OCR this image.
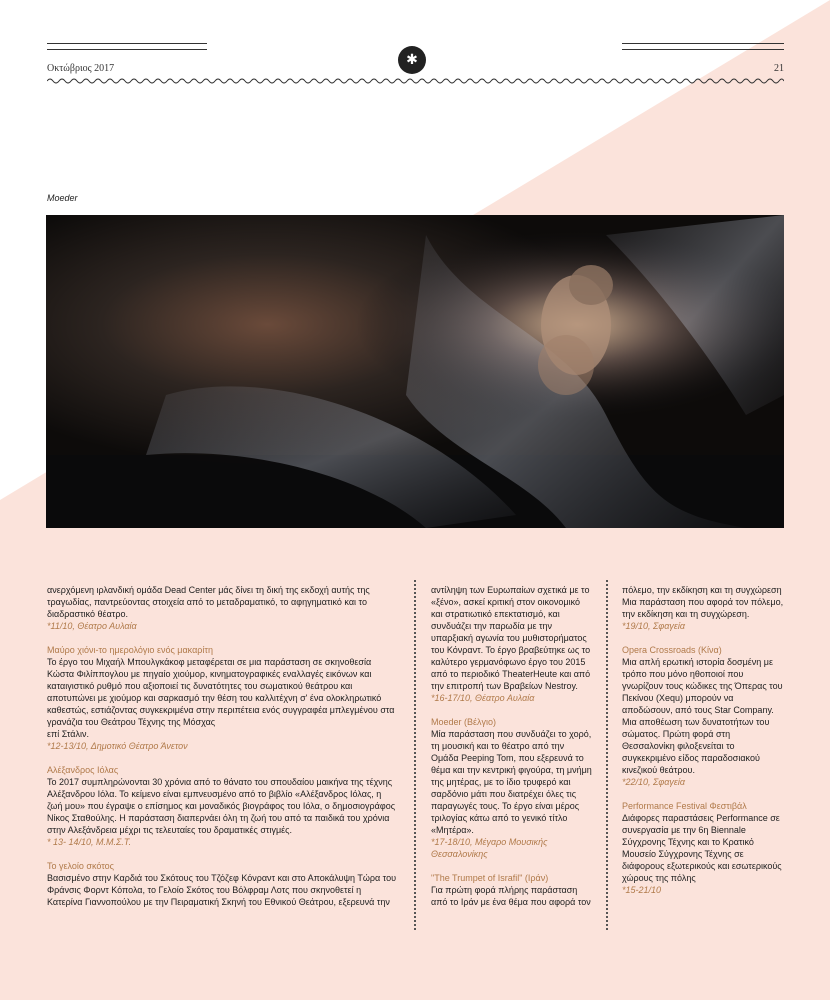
✱
Οκτώβριος 2017	21
Moeder

ανερχόμενη ιρλανδική ομάδα Dead Center μάς δίνει τη δική της εκδοχή αυτής της τραγωδίας, παντρεύοντας στοιχεία από το μεταδραματικό, το αφηγηματικό και το διαδραστικό θέατρο.

*11/10, Θέατρο Αυλαία

Μαύρο χιόνι-το ημερολόγιο ενός μακαρίτη

Το έργο του Μιχαήλ Μπουλγκάκοφ μεταφέρεται σε μια παράσταση σε σκηνοθεσία Κώστα Φιλίππογλου με πηγαίο χιούμορ, κινηματογραφικές εναλλαγές εικόνων και καταιγιστικό ρυθμό που αξιοποιεί τις δυνατότητες του σωματικού θεάτρου και αποτυπώνει με χιούμορ και σαρκασμό την θέση του καλλιτέχνη σ' ένα ολοκληρωτικό καθεστώς, εστιάζοντας συγκεκριμένα στην περιπέτεια ενός συγγραφέα μπλεγμένου στα γρανάζια του Θεάτρου Τέχνης της Μόσχας

επί Στάλιν.

*12-13/10, Δημοτικό Θέατρο Άνετον

Αλέξανδρος Ιόλας

Το 2017 συμπληρώνονται 30 χρόνια από το θάνατο του σπουδαίου μαικήνα της τέχνης Αλέξανδρου Ιόλα. Το κείμενο είναι εμπνευσμένο από το βιβλίο «Αλέξανδρος Ιόλας, η ζωή μου» που έγραψε ο επίσημος και μοναδικός βιογράφος του Ιόλα, ο δημοσιογράφος Νίκος Σταθούλης. Η παράσταση διαπερνάει όλη τη ζωή του από τα παιδικά του χρόνια στην Αλεξάνδρεια μέχρι τις τελευταίες του δραματικές στιγμές.

* 13- 14/10, Μ.Μ.Σ.Τ.

Το γελοίο σκότος

Βασισμένο στην Καρδιά του Σκότους του Τζόζεφ Κόνραντ και στο Αποκάλυψη Τώρα του Φράνσις Φορντ Κόπολα, το Γελοίο Σκότος του Βόλφραμ Λοτς που σκηνοθετεί η Κατερίνα Γιαννοπούλου με την Πειραματική Σκηνή του Εθνικού Θεάτρου, εξερευνά την

αντίληψη των Ευρωπαίων σχετικά με το «ξένο», ασκεί κριτική στον οικονομικό και στρατιωτικό επεκτατισμό, και συνδυάζει την παρωδία με την υπαρξιακή αγωνία του μυθιστορήματος του Κόνραντ. Το έργο βραβεύτηκε ως το καλύτερο γερμανόφωνο έργο του 2015 από το περιοδικό TheaterHeute και από την επιτροπή των Βραβείων Nestroy.

*16-17/10, Θέατρο Αυλαία

Moeder (Βέλγιο)

Μία παράσταση που συνδυάζει το χορό, τη μουσική και το θέατρο από την Ομάδα Peeping Tom, που εξερευνά το θέμα και την κεντρική φιγούρα, τη μνήμη της μητέρας, με το ίδιο τρυφερό και σαρδόνιο μάτι που διατρέχει όλες τις παραγωγές τους. Το έργο είναι μέρος τριλογίας κάτω από το γενικό τίτλο «Μητέρα».

*17-18/10, Μέγαρο Μουσικής Θεσσαλονίκης

"The Trumpet of Israfil" (Ιράν)

Για πρώτη φορά πλήρης παράσταση από το Ιράν με ένα θέμα που αφορά τον

πόλεμο, την εκδίκηση και τη συγχώρεση Μια παράσταση που αφορά τον πόλεμο, την εκδίκηση και τη συγχώρεση.

*19/10, Σφαγεία

Opera Crossroads (Κίνα)

Μια απλή ερωτική ιστορία δοσμένη με τρόπο που μόνο ηθοποιοί που γνωρίζουν τους κώδικες της Όπερας του Πεκίνου (Xequ) μπορούν να αποδώσουν, από τους Star Company. Μια αποθέωση των δυνατοτήτων του σώματος. Πρώτη φορά στη Θεσσαλονίκη φιλοξενείται το συγκεκριμένο είδος παραδοσιακού κινεζικού θεάτρου.

*22/10, Σφαγεία

Performance Festival Φεστιβάλ

Διάφορες παραστάσεις Performance σε συνεργασία με την 6η Biennale Σύγχρονης Τέχνης και το Κρατικό Μουσείο Σύγχρονης Τέχνης σε διάφορους εξωτερικούς και εσωτερικούς χώρους της πόλης

*15-21/10
